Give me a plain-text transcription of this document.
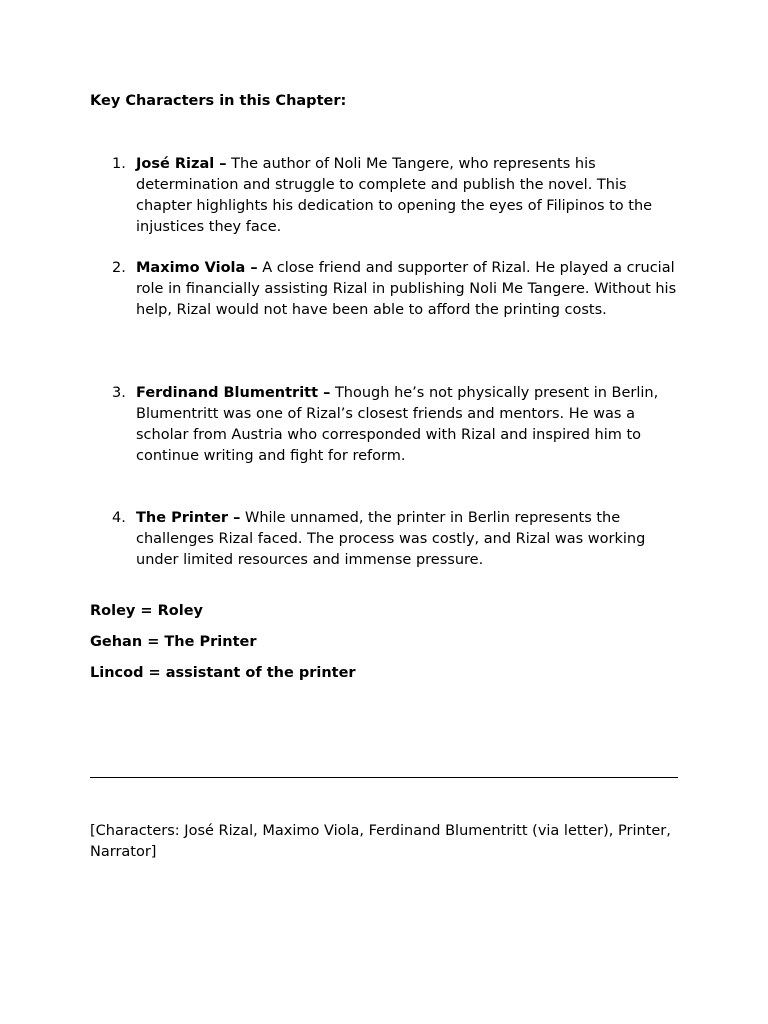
Key Characters in this Chapter:

1. José Rizal – The author of Noli Me Tangere, who represents his determination and struggle to complete and publish the novel. This chapter highlights his dedication to opening the eyes of Filipinos to the injustices they face.
2. Maximo Viola – A close friend and supporter of Rizal. He played a crucial role in financially assisting Rizal in publishing Noli Me Tangere. Without his help, Rizal would not have been able to afford the printing costs.
3. Ferdinand Blumentritt – Though he’s not physically present in Berlin, Blumentritt was one of Rizal’s closest friends and mentors. He was a scholar from Austria who corresponded with Rizal and inspired him to continue writing and fight for reform.
4. The Printer – While unnamed, the printer in Berlin represents the challenges Rizal faced. The process was costly, and Rizal was working under limited resources and immense pressure.
Roley = Roley
Gehan = The Printer
Lincod = assistant of the printer
[Characters: José Rizal, Maximo Viola, Ferdinand Blumentritt (via letter), Printer, Narrator]
